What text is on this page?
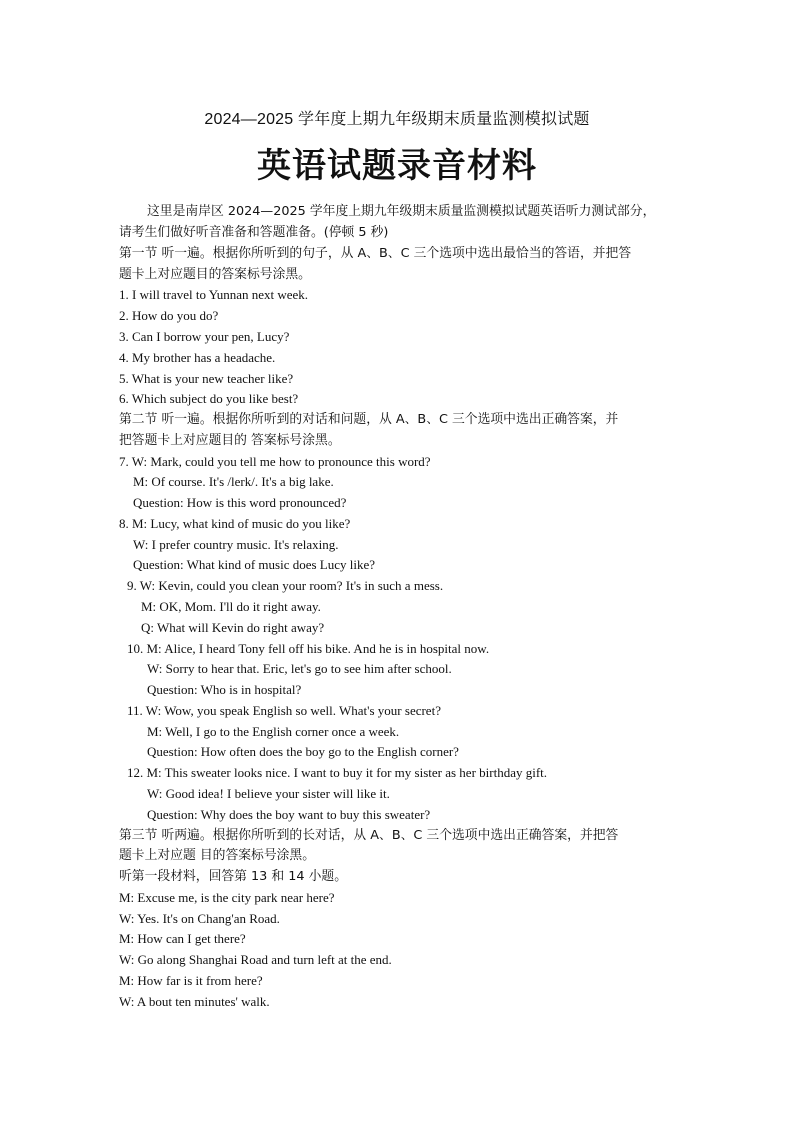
2024—2025 学年度上期九年级期末质量监测模拟试题
英语试题录音材料
这里是南岸区 2024—2025 学年度上期九年级期末质量监测模拟试题英语听力测试部分，
请考生们做好听音准备和答题准备。(停顿 5 秒)
第一节 听一遍。根据你所听到的句子，从 A、B、C 三个选项中选出最恰当的答语，并把答
题卡上对应题目的答案标号涂黑。
1. I will travel to Yunnan next week.
2. How do you do?
3. Can I borrow your pen, Lucy?
4. My brother has a headache.
5. What is your new teacher like?
6. Which subject do you like best?
第二节 听一遍。根据你所听到的对话和问题，从 A、B、C 三个选项中选出正确答案，并
把答题卡上对应题目的 答案标号涂黑。
7. W: Mark, could you tell me how to pronounce this word?
M: Of course. It's /lerk/. It's a big lake.
Question: How is this word pronounced?
8. M: Lucy, what kind of music do you like?
W: I prefer country music. It's relaxing.
Question: What kind of music does Lucy like?
9. W: Kevin, could you clean your room? It's in such a mess.
M: OK, Mom. I'll do it right away.
Q: What will Kevin do right away?
10. M: Alice, I heard Tony fell off his bike. And he is in hospital now.
W: Sorry to hear that. Eric, let's go to see him after school.
Question: Who is in hospital?
11. W: Wow, you speak English so well. What's your secret?
M: Well, I go to the English corner once a week.
Question: How often does the boy go to the English corner?
12. M: This sweater looks nice. I want to buy it for my sister as her birthday gift.
W: Good idea! I believe your sister will like it.
Question: Why does the boy want to buy this sweater?
第三节 听两遍。根据你所听到的长对话，从 A、B、C 三个选项中选出正确答案，并把答
题卡上对应题 目的答案标号涂黑。
听第一段材料，回答第 13 和 14 小题。
M: Excuse me, is the city park near here?
W: Yes. It's on Chang'an Road.
M: How can I get there?
W: Go along Shanghai Road and turn left at the end.
M: How far is it from here?
W: A bout ten minutes' walk.
